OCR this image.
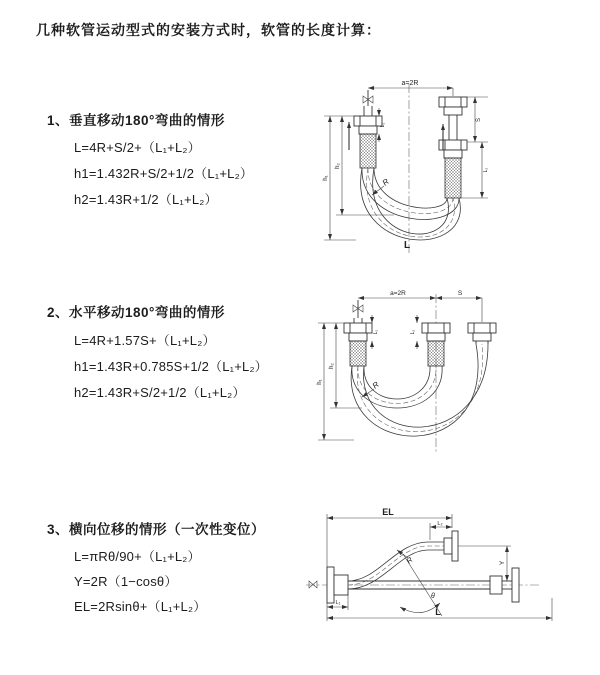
几种软管运动型式的安装方式时，软管的长度计算：
1、垂直移动180°弯曲的情形
L=4R+S/2+（L₁+L₂）
h1=1.432R+S/2+1/2（L₁+L₂）
h2=1.43R+1/2（L₁+L₂）
2、水平移动180°弯曲的情形
L=4R+1.57S+（L₁+L₂）
h1=1.43R+0.785S+1/2（L₁+L₂）
h2=1.43R+S/2+1/2（L₁+L₂）
3、横向位移的情形（一次性变位）
L=πRθ/90+（L₁+L₂）
Y=2R（1−cosθ）
EL=2Rsinθ+（L₁+L₂）
a=2R
h₁
h₂
L₁
S
L₂
R
L
a=2R	S
h₁
h₂
L₁	L₂
R
EL
L₂
Y
θ
R
L₁
L
